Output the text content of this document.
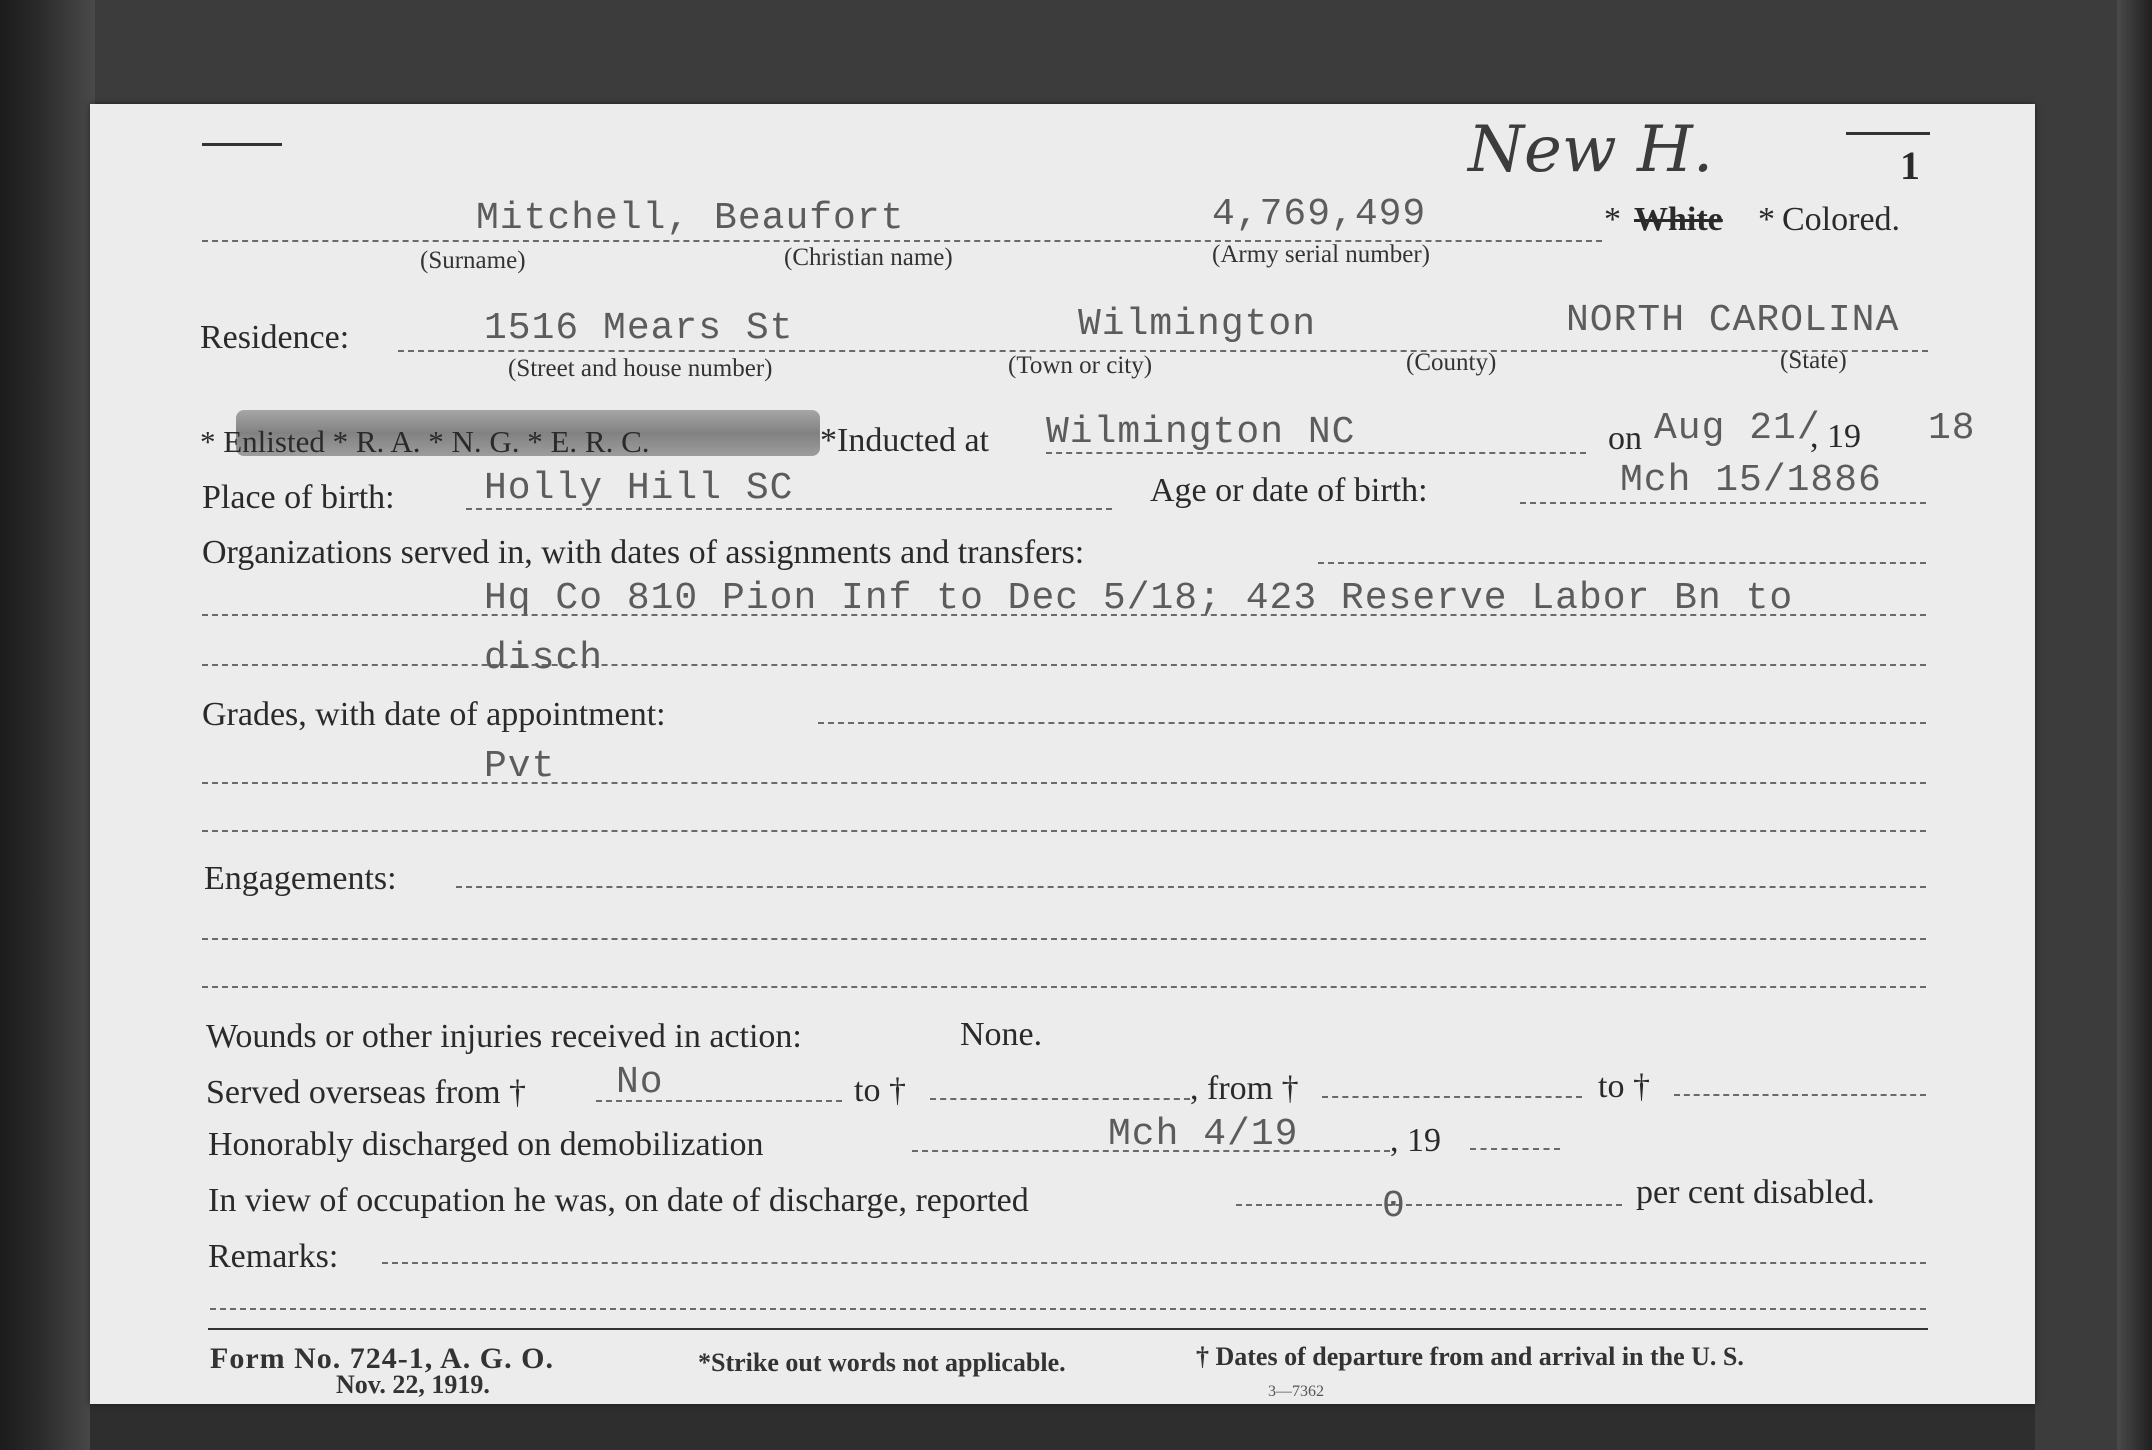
New H.	1
Mitchell, Beaufort	4,769,499	* White * Colored.
(Surname)	(Christian name)	(Army serial number)
Residence:	1516 Mears St	Wilmington	NORTH CAROLINA
(Street and house number)	(Town or city)	(County)	(State)
* Enlisted * R. A. * N. G. * E. R. C.	*Inducted at Wilmington NC	on Aug 21/
, 19 18
Place of birth: Holly Hill SC	Age or date of birth:	Mch 15/1886
Organizations served in, with dates of assignments and transfers:
Hq Co 810 Pion Inf to Dec 5/18; 423 Reserve Labor Bn to
disch
Grades, with date of appointment:
Pvt
Engagements:
Wounds or other injuries received in action:	None.
Served overseas from † No	to †	, from †	to †
Honorably discharged on demobilization	Mch 4/19	, 19
In view of occupation he was, on date of discharge, reported	0	per cent disabled.
Remarks:
Form No. 724-1, A. G. O.
Nov. 22, 1919.
*Strike out words not applicable.	† Dates of departure from and arrival in the U. S.
3—7362
